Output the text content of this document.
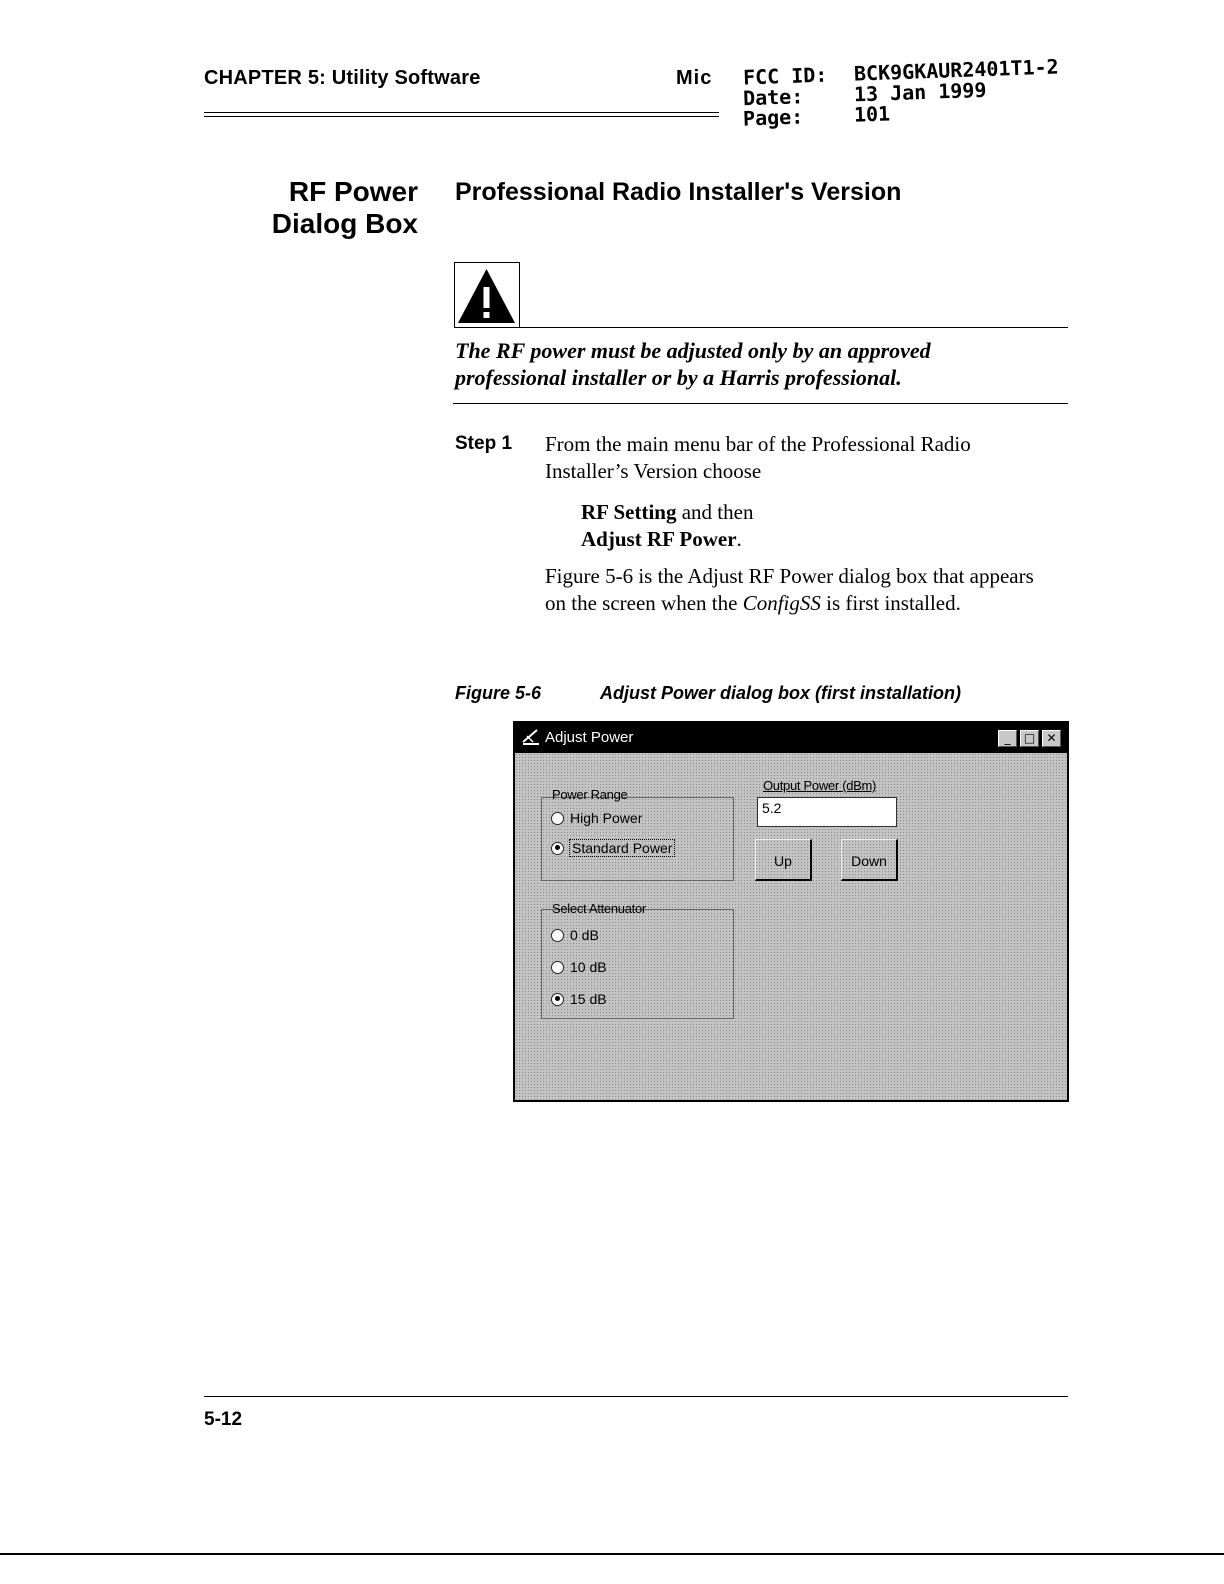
CHAPTER 5: Utility Software	Mic FCC ID:	BCK9GKAUR2401T1-2
Date:	13 Jan 1999
Page:	101
RF Power
Dialog Box
Professional Radio Installer's Version
The RF power must be adjusted only by an approved
professional installer or by a Harris professional.
Step 1 From the main menu bar of the Professional Radio Installer’s Version choose
RF Setting and then
Adjust RF Power.
Figure 5-6 is the Adjust RF Power dialog box that appears on the screen when the ConfigSS is first installed.
Figure 5-6	Adjust Power dialog box (first installation)
Adjust Power	_	□ ✕
Power Range
High Power
Standard Power
Select Attenuator
0 dB
10 dB
15 dB
Output Power (dBm)
5.2
Up	Down
5-12
